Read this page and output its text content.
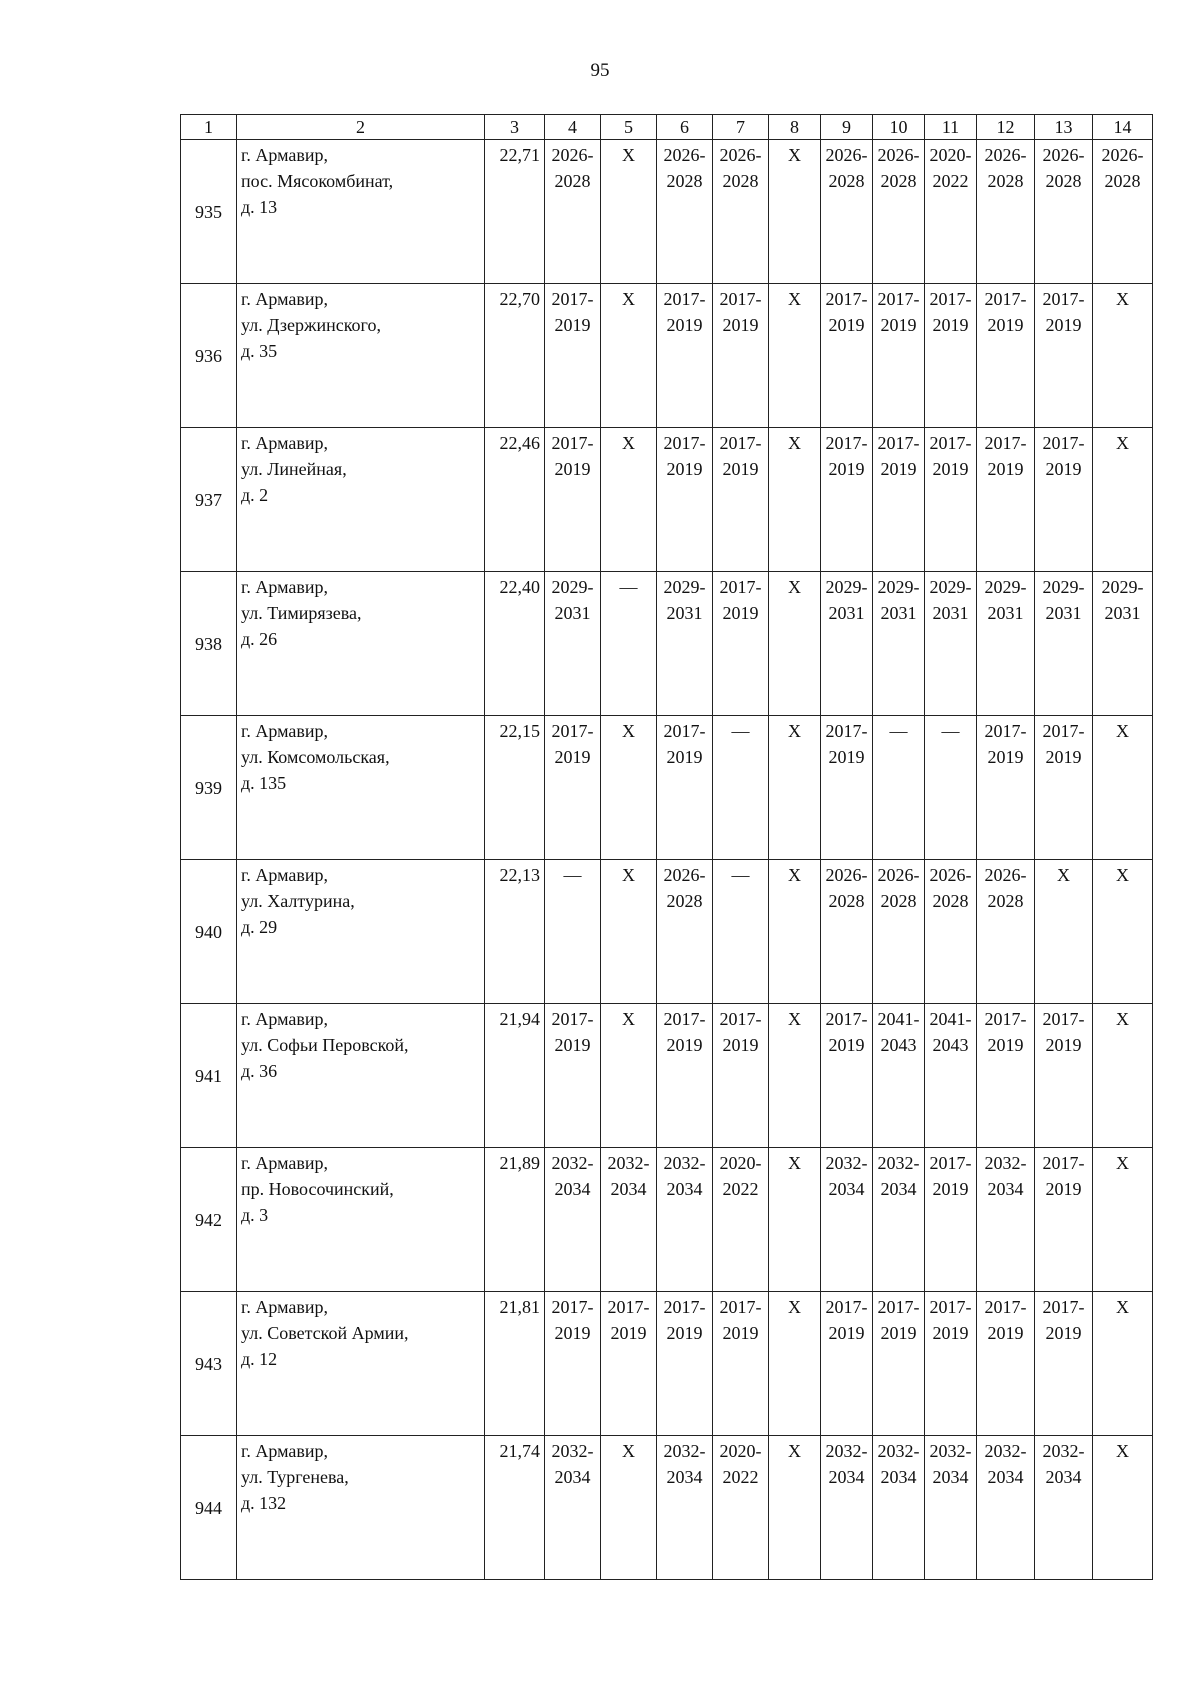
95
1	2	3	4	5	6	7	8	9	10	11	12	13	14
935	г. Армавир,
пос. Мясокомбинат,
д. 13	22,71	2026-
2028	X	2026-
2028	2026-
2028	X	2026-
2028	2026-
2028	2020-
2022	2026-
2028	2026-
2028	2026-
2028

936	г. Армавир,
ул. Дзержинского,
д. 35	22,70	2017-
2019	X	2017-
2019	2017-
2019	X	2017-
2019	2017-
2019	2017-
2019	2017-
2019	2017-
2019	X

937	г. Армавир,
ул. Линейная,
д. 2	22,46	2017-
2019	X	2017-
2019	2017-
2019	X	2017-
2019	2017-
2019	2017-
2019	2017-
2019	2017-
2019	X

938	г. Армавир,
ул. Тимирязева,
д. 26	22,40	2029-
2031	—	2029-
2031	2017-
2019	X	2029-
2031	2029-
2031	2029-
2031	2029-
2031	2029-
2031	2029-
2031

939	г. Армавир,
ул. Комсомольская,
д. 135	22,15	2017-
2019	X	2017-
2019	—	X	2017-
2019	—	—	2017-
2019	2017-
2019	X

940	г. Армавир,
ул. Халтурина,
д. 29	22,13	—	X	2026-
2028	—	X	2026-
2028	2026-
2028	2026-
2028	2026-
2028	X	X

941	г. Армавир,
ул. Софьи Перовской,
д. 36	21,94	2017-
2019	X	2017-
2019	2017-
2019	X	2017-
2019	2041-
2043	2041-
2043	2017-
2019	2017-
2019	X

942	г. Армавир,
пр. Новосочинский,
д. 3	21,89	2032-
2034	2032-
2034	2032-
2034	2020-
2022	X	2032-
2034	2032-
2034	2017-
2019	2032-
2034	2017-
2019	X

943	г. Армавир,
ул. Советской Армии,
д. 12	21,81	2017-
2019	2017-
2019	2017-
2019	2017-
2019	X	2017-
2019	2017-
2019	2017-
2019	2017-
2019	2017-
2019	X

944	г. Армавир,
ул. Тургенева,
д. 132	21,74	2032-
2034	X	2032-
2034	2020-
2022	X	2032-
2034	2032-
2034	2032-
2034	2032-
2034	2032-
2034	X
